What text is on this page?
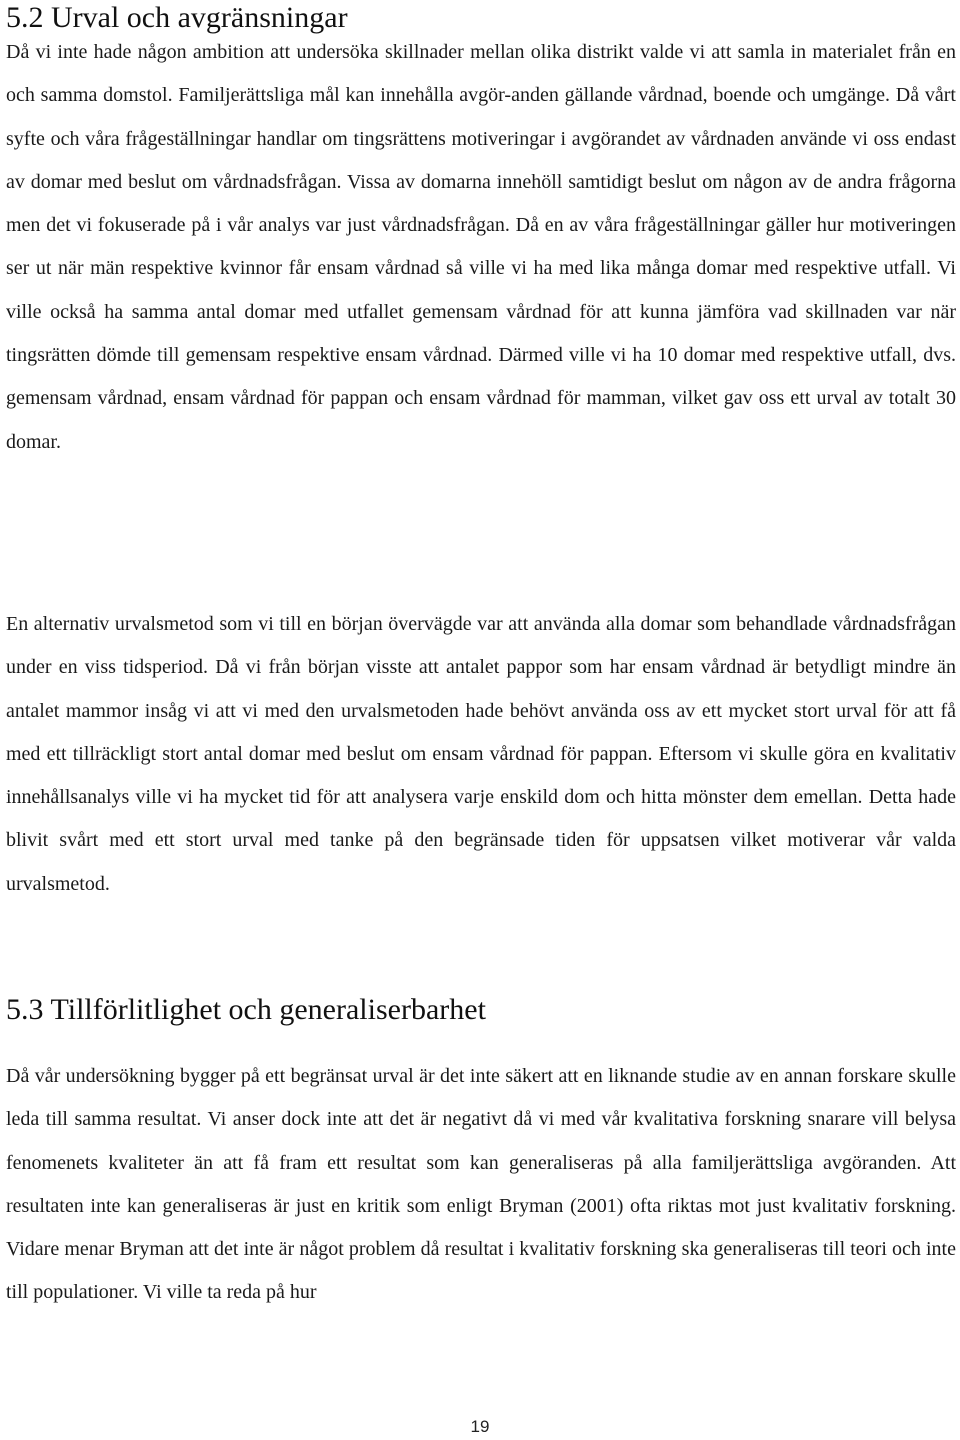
5.2 Urval och avgränsningar

Då vi inte hade någon ambition att undersöka skillnader mellan olika distrikt valde vi att samla in materialet från en och samma domstol. Familjerättsliga mål kan innehålla avgör-anden gällande vårdnad, boende och umgänge. Då vårt syfte och våra frågeställningar handlar om tingsrättens motiveringar i avgörandet av vårdnaden använde vi oss endast av domar med beslut om vårdnadsfrågan. Vissa av domarna innehöll samtidigt beslut om någon av de andra frågorna men det vi fokuserade på i vår analys var just vårdnadsfrågan. Då en av våra frågeställningar gäller hur motiveringen ser ut när män respektive kvinnor får ensam vårdnad så ville vi ha med lika många domar med respektive utfall. Vi ville också ha samma antal domar med utfallet gemensam vårdnad för att kunna jämföra vad skillnaden var när tingsrätten dömde till gemensam respektive ensam vårdnad. Därmed ville vi ha 10 domar med respektive utfall, dvs. gemensam vårdnad, ensam vårdnad för pappan och ensam vårdnad för mamman, vilket gav oss ett urval av totalt 30 domar.

En alternativ urvalsmetod som vi till en början övervägde var att använda alla domar som behandlade vårdnadsfrågan under en viss tidsperiod. Då vi från början visste att antalet pappor som har ensam vårdnad är betydligt mindre än antalet mammor insåg vi att vi med den urvalsmetoden hade behövt använda oss av ett mycket stort urval för att få med ett tillräckligt stort antal domar med beslut om ensam vårdnad för pappan. Eftersom vi skulle göra en kvalitativ innehållsanalys ville vi ha mycket tid för att analysera varje enskild dom och hitta mönster dem emellan. Detta hade blivit svårt med ett stort urval med tanke på den begränsade tiden för uppsatsen vilket motiverar vår valda urvalsmetod.

5.3 Tillförlitlighet och generaliserbarhet

Då vår undersökning bygger på ett begränsat urval är det inte säkert att en liknande studie av en annan forskare skulle leda till samma resultat. Vi anser dock inte att det är negativt då vi med vår kvalitativa forskning snarare vill belysa fenomenets kvaliteter än att få fram ett resultat som kan generaliseras på alla familjerättsliga avgöranden. Att resultaten inte kan generaliseras är just en kritik som enligt Bryman (2001) ofta riktas mot just kvalitativ forskning. Vidare menar Bryman att det inte är något problem då resultat i kvalitativ forskning ska generaliseras till teori och inte till populationer. Vi ville ta reda på hur

19
